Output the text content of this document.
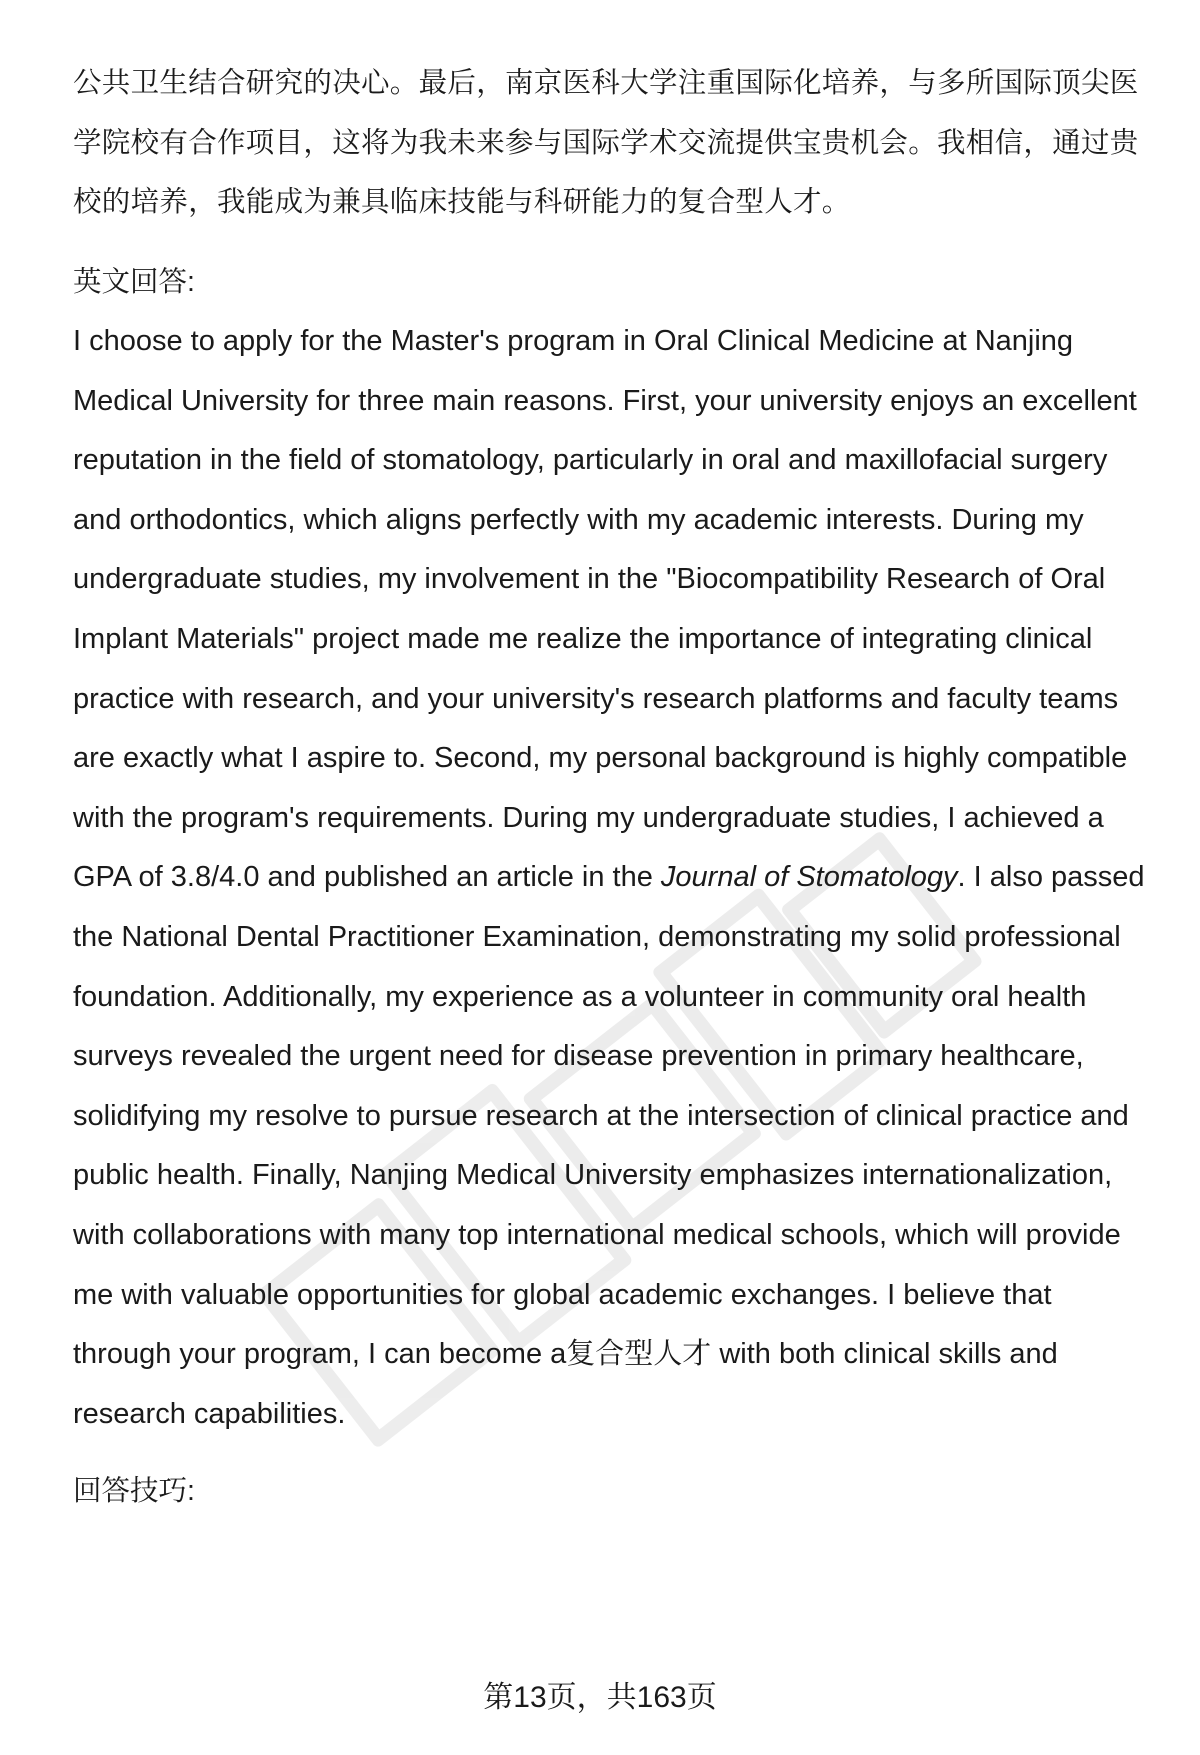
公共卫生结合研究的决心。最后，南京医科大学注重国际化培养，与多所国际顶尖医学院校有合作项目，这将为我未来参与国际学术交流提供宝贵机会。我相信，通过贵校的培养，我能成为兼具临床技能与科研能力的复合型人才。

英文回答:

I choose to apply for the Master's program in Oral Clinical Medicine at Nanjing Medical University for three main reasons. First, your university enjoys an excellent reputation in the field of stomatology, particularly in oral and maxillofacial surgery and orthodontics, which aligns perfectly with my academic interests. During my undergraduate studies, my involvement in the "Biocompatibility Research of Oral Implant Materials" project made me realize the importance of integrating clinical practice with research, and your university's research platforms and faculty teams are exactly what I aspire to. Second, my personal background is highly compatible with the program's requirements. During my undergraduate studies, I achieved a GPA of 3.8/4.0 and published an article in the Journal of Stomatology. I also passed the National Dental Practitioner Examination, demonstrating my solid professional foundation. Additionally, my experience as a volunteer in community oral health surveys revealed the urgent need for disease prevention in primary healthcare, solidifying my resolve to pursue research at the intersection of clinical practice and public health. Finally, Nanjing Medical University emphasizes internationalization, with collaborations with many top international medical schools, which will provide me with valuable opportunities for global academic exchanges. I believe that through your program, I can become a复合型人才 with both clinical skills and research capabilities.

回答技巧:

第13页，共163页
